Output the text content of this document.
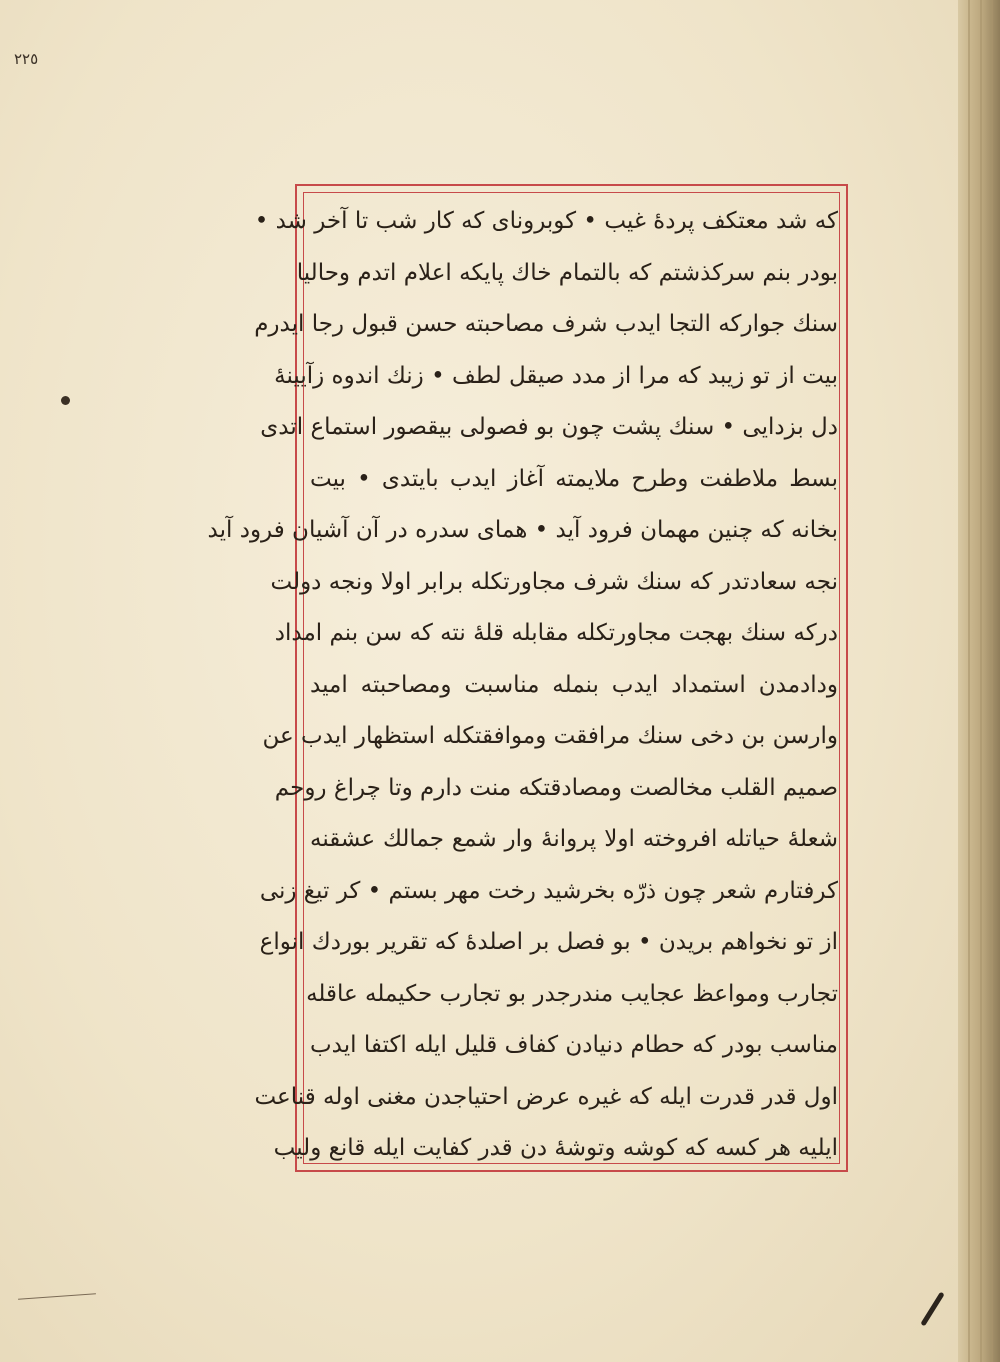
٢٢٥
كه شد معتكف پردهٔ غيب • كوبروناى كه كار شب تا آخر شد •
بودر بنم سركذشتم كه بالتمام خاك پايكه اعلام اتدم وحاليا
سنك جواركه التجا ايدب شرف مصاحبته حسن قبول رجا ايدرم
بيت از تو زيبد كه مرا از مدد صيقل لطف • زنك اندوه زآيينهٔ
دل بزدايى • سنك پشت چون بو فصولى بيقصور استماع اتدى
بسط ملاطفت وطرح ملايمته آغاز ايدب بايتدى • بيت
بخانه كه چنين مهمان فرود آيد • هماى سدره در آن آشيان فرود آيد
نجه سعادتدر كه سنك شرف مجاورتكله برابر اولا ونجه دولت
دركه سنك بهجت مجاورتكله مقابله قلهٔ نته كه سن بنم امداد
ودادمدن استمداد ايدب بنمله مناسبت ومصاحبته اميد
وارسن بن دخى سنك مرافقت وموافقتكله استظهار ايدب عن
صميم القلب مخالصت ومصادقتكه منت دارم وتا چراغ روحم
شعلهٔ حياتله افروخته اولا پروانهٔ وار شمع جمالك عشقنه
كرفتارم شعر چون ذرّه بخرشيد رخت مهر بستم • كر تيغ زنى
از تو نخواهم بريدن • بو فصل بر اصلدهٔ كه تقرير بوردك انواع
تجارب ومواعظ عجايب مندرجدر بو تجارب حكيمله عاقله
مناسب بودر كه حطام دنيادن كفاف قليل ايله اكتفا ايدب
اول قدر قدرت ايله كه غيره عرض احتياجدن مغنى اوله قناعت
ايليه هر كسه كه كوشه وتوشهٔ دن قدر كفايت ايله قانع وليب
